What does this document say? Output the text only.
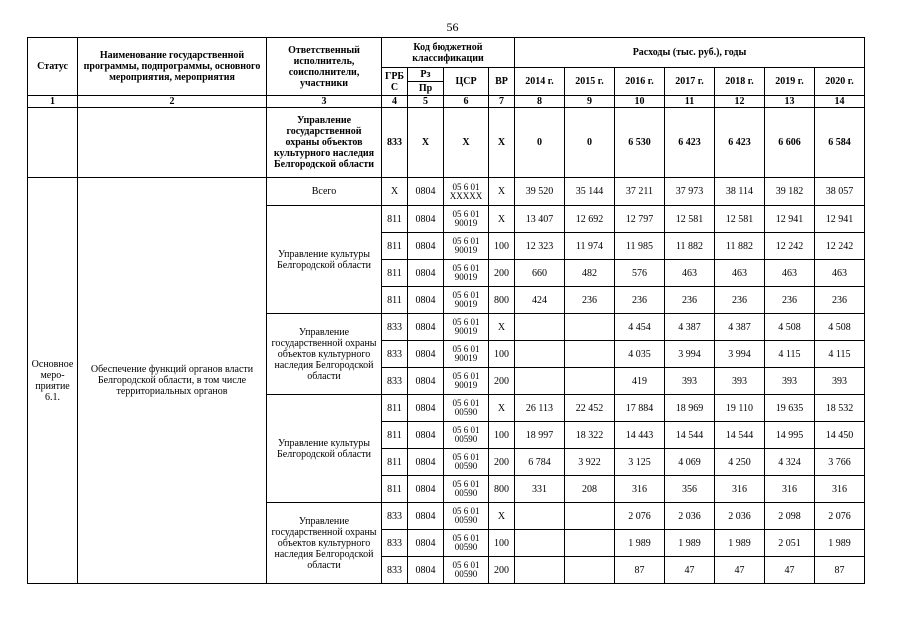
56
Статус	Наименование государственной программы, подпрограммы, основного мероприятия, мероприятия	Ответственный исполнитель, соисполнители, участники	Код бюджетной классификации				Расходы (тыс. руб.), годы						
			ГРБ С	Рз	ЦСР	ВР	2014 г.	2015 г.	2016 г.	2017 г.	2018 г.	2019 г.	2020 г.
				Пр									
1	2	3	4	5	6	7	8	9	10	11	12	13	14
		Управление государственной охраны объектов культурного наследия Белгородской области	833	X	X	X	0	0	6 530	6 423	6 423	6 606	6 584
Основное меро-приятие 6.1.	Обеспечение функций органов власти Белгородской области, в том числе территориальных органов	Всего	X	0804	05 6 01 XXXXX	X	39 520	35 144	37 211	37 973	38 114	39 182	38 057
		Управление культуры Белгородской области	811	0804	05 6 01 90019	X	13 407	12 692	12 797	12 581	12 581	12 941	12 941
			811	0804	05 6 01 90019	100	12 323	11 974	11 985	11 882	11 882	12 242	12 242
			811	0804	05 6 01 90019	200	660	482	576	463	463	463	463
			811	0804	05 6 01 90019	800	424	236	236	236	236	236	236
		Управление государственной охраны объектов культурного наследия Белгородской области	833	0804	05 6 01 90019	X			4 454	4 387	4 387	4 508	4 508
			833	0804	05 6 01 90019	100			4 035	3 994	3 994	4 115	4 115
			833	0804	05 6 01 90019	200			419	393	393	393	393
		Управление культуры Белгородской области	811	0804	05 6 01 00590	X	26 113	22 452	17 884	18 969	19 110	19 635	18 532
			811	0804	05 6 01 00590	100	18 997	18 322	14 443	14 544	14 544	14 995	14 450
			811	0804	05 6 01 00590	200	6 784	3 922	3 125	4 069	4 250	4 324	3 766
			811	0804	05 6 01 00590	800	331	208	316	356	316	316	316
		Управление государственной охраны объектов культурного наследия Белгородской области	833	0804	05 6 01 00590	X			2 076	2 036	2 036	2 098	2 076
			833	0804	05 6 01 00590	100			1 989	1 989	1 989	2 051	1 989
			833	0804	05 6 01 00590	200			87	47	47	47	87
